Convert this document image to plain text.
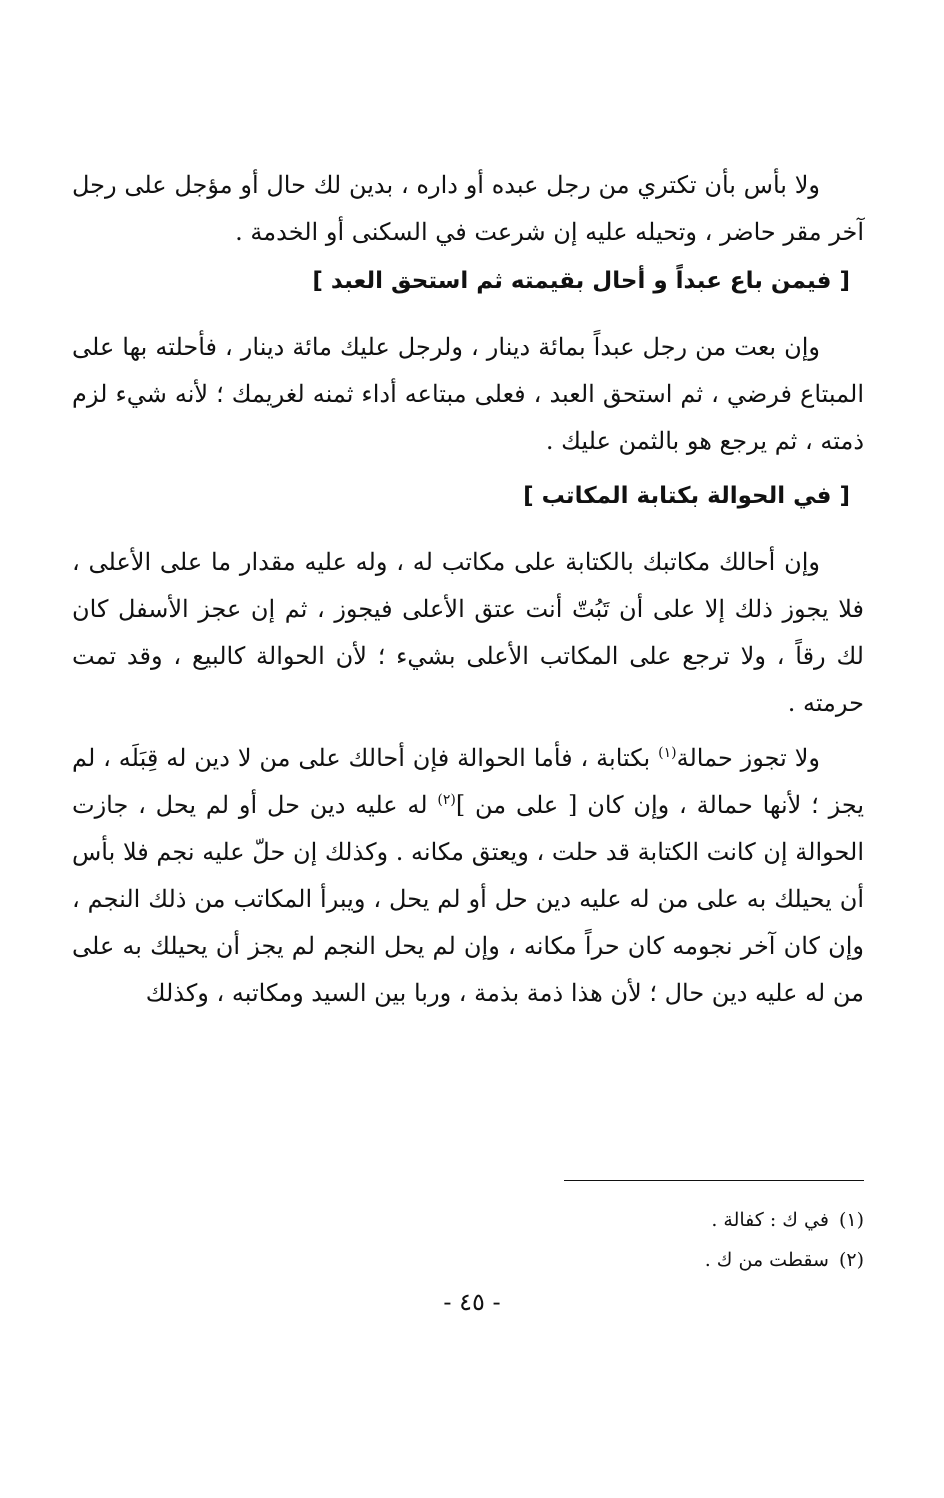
ولا بأس بأن تكتري من رجل عبده أو داره ، بدين لك حال أو مؤجل على رجل آخر مقر حاضر ، وتحيله عليه إن شرعت في السكنى أو الخدمة .

[ فيمن باع عبداً و أحال بقيمته ثم استحق العبد ]

وإن بعت من رجل عبداً بمائة دينار ، ولرجل عليك مائة دينار ، فأحلته بها على المبتاع فرضي ، ثم استحق العبد ، فعلى مبتاعه أداء ثمنه لغريمك ؛ لأنه شيء لزم ذمته ، ثم يرجع هو بالثمن عليك .

[ في الحوالة بكتابة المكاتب ]

وإن أحالك مكاتبك بالكتابة على مكاتب له ، وله عليه مقدار ما على الأعلى ، فلا يجوز ذلك إلا على أن تَبُتّ أنت عتق الأعلى فيجوز ، ثم إن عجز الأسفل كان لك رقاً ، ولا ترجع على المكاتب الأعلى بشيء ؛ لأن الحوالة كالبيع ، وقد تمت حرمته .

ولا تجوز حمالة$^{(١)}$ بكتابة ، فأما الحوالة فإن أحالك على من لا دين له قِبَلَه ، لم يجز ؛ لأنها حمالة ، وإن كان [ على من ]$^{(٢)}$ له عليه دين حل أو لم يحل ، جازت الحوالة إن كانت الكتابة قد حلت ، ويعتق مكانه . وكذلك إن حلّ عليه نجم فلا بأس أن يحيلك به على من له عليه دين حل أو لم يحل ، ويبرأ المكاتب من ذلك النجم ، وإن كان آخر نجومه كان حراً مكانه ، وإن لم يحل النجم لم يجز أن يحيلك به على من له عليه دين حال ؛ لأن هذا ذمة بذمة ، وربا بين السيد ومكاتبه ، وكذلك

(١)في ك : كفالة .
(٢)سقطت من ك .
- ٤٥ -
